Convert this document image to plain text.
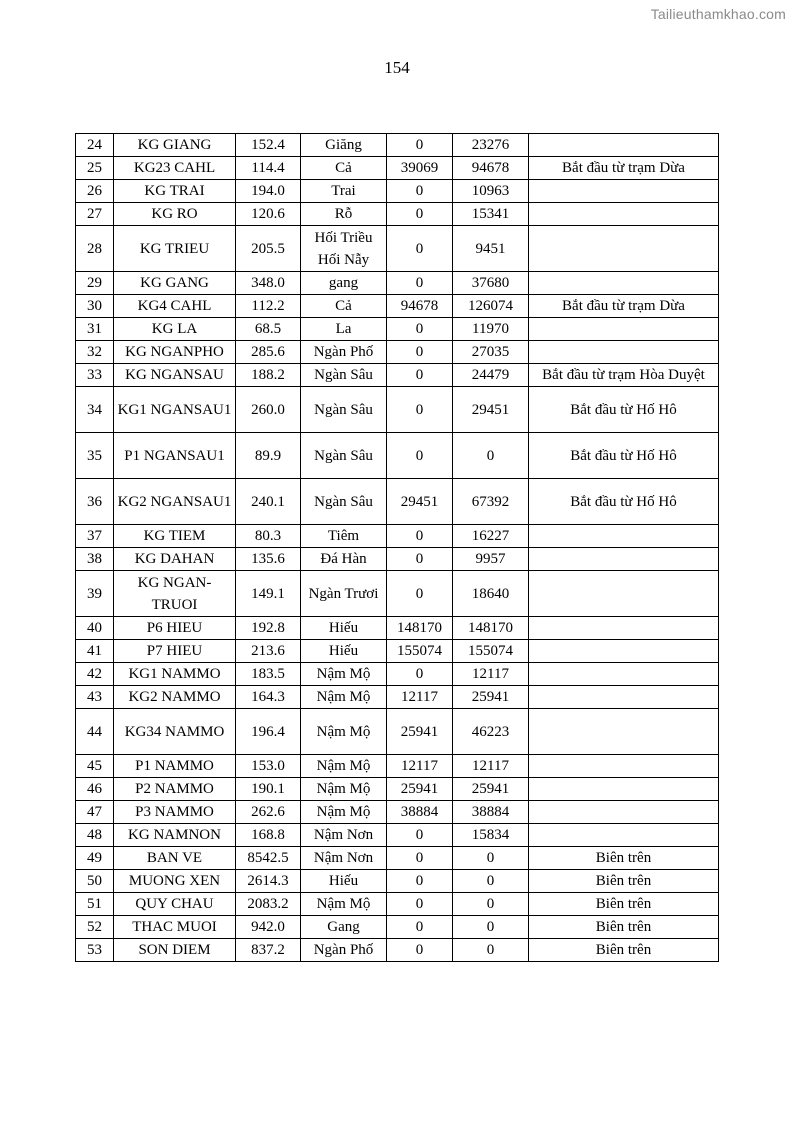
Tailieuthamkhao.com
154
24	KG GIANG	152.4	Giăng	0	23276	
25	KG23 CAHL	114.4	Cả	39069	94678	Bắt đầu từ trạm Dừa
26	KG TRAI	194.0	Trai	0	10963	
27	KG RO	120.6	Rỗ	0	15341	
28	KG TRIEU	205.5	Hối Triều Hối Nẫy	0	9451	
29	KG GANG	348.0	gang	0	37680	
30	KG4 CAHL	112.2	Cả	94678	126074	Bắt đầu từ trạm Dừa
31	KG LA	68.5	La	0	11970	
32	KG NGANPHO	285.6	Ngàn Phố	0	27035	
33	KG NGANSAU	188.2	Ngàn Sâu	0	24479	Bắt đầu từ trạm Hòa Duyệt
34	KG1 NGANSAU1	260.0	Ngàn Sâu	0	29451	Bắt đầu từ Hố Hô
35	P1 NGANSAU1	89.9	Ngàn Sâu	0	0	Bắt đầu từ Hố Hô
36	KG2 NGANSAU1	240.1	Ngàn Sâu	29451	67392	Bắt đầu từ Hố Hô
37	KG TIEM	80.3	Tiêm	0	16227	
38	KG DAHAN	135.6	Đá Hàn	0	9957	
39	KG NGAN-TRUOI	149.1	Ngàn Trươi	0	18640	
40	P6 HIEU	192.8	Hiếu	148170	148170	
41	P7 HIEU	213.6	Hiếu	155074	155074	
42	KG1 NAMMO	183.5	Nậm Mộ	0	12117	
43	KG2 NAMMO	164.3	Nậm Mộ	12117	25941	
44	KG34 NAMMO	196.4	Nậm Mộ	25941	46223	
45	P1 NAMMO	153.0	Nậm Mộ	12117	12117	
46	P2 NAMMO	190.1	Nậm Mộ	25941	25941	
47	P3 NAMMO	262.6	Nậm Mộ	38884	38884	
48	KG NAMNON	168.8	Nậm Nơn	0	15834	
49	BAN VE	8542.5	Nậm Nơn	0	0	Biên trên
50	MUONG XEN	2614.3	Hiếu	0	0	Biên trên
51	QUY CHAU	2083.2	Nậm Mộ	0	0	Biên trên
52	THAC MUOI	942.0	Gang	0	0	Biên trên
53	SON DIEM	837.2	Ngàn Phố	0	0	Biên trên
